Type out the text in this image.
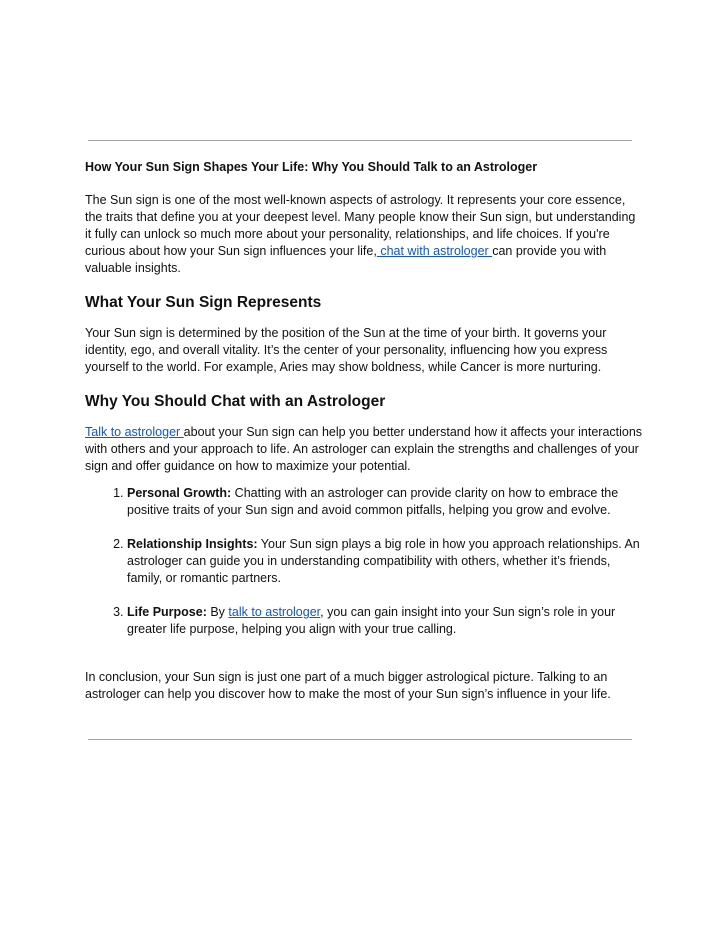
How Your Sun Sign Shapes Your Life: Why You Should Talk to an Astrologer

The Sun sign is one of the most well-known aspects of astrology. It represents your core essence, the traits that define you at your deepest level. Many people know their Sun sign, but understanding it fully can unlock so much more about your personality, relationships, and life choices. If you're curious about how your Sun sign influences your life, chat with astrologer can provide you with valuable insights.

What Your Sun Sign Represents

Your Sun sign is determined by the position of the Sun at the time of your birth. It governs your identity, ego, and overall vitality. It’s the center of your personality, influencing how you express yourself to the world. For example, Aries may show boldness, while Cancer is more nurturing.

Why You Should Chat with an Astrologer

Talk to astrologer about your Sun sign can help you better understand how it affects your interactions with others and your approach to life. An astrologer can explain the strengths and challenges of your sign and offer guidance on how to maximize your potential.

1. Personal Growth: Chatting with an astrologer can provide clarity on how to embrace the positive traits of your Sun sign and avoid common pitfalls, helping you grow and evolve.
2. Relationship Insights: Your Sun sign plays a big role in how you approach relationships. An astrologer can guide you in understanding compatibility with others, whether it’s friends, family, or romantic partners.
3. Life Purpose: By talk to astrologer, you can gain insight into your Sun sign’s role in your greater life purpose, helping you align with your true calling.

In conclusion, your Sun sign is just one part of a much bigger astrological picture. Talking to an astrologer can help you discover how to make the most of your Sun sign’s influence in your life.
